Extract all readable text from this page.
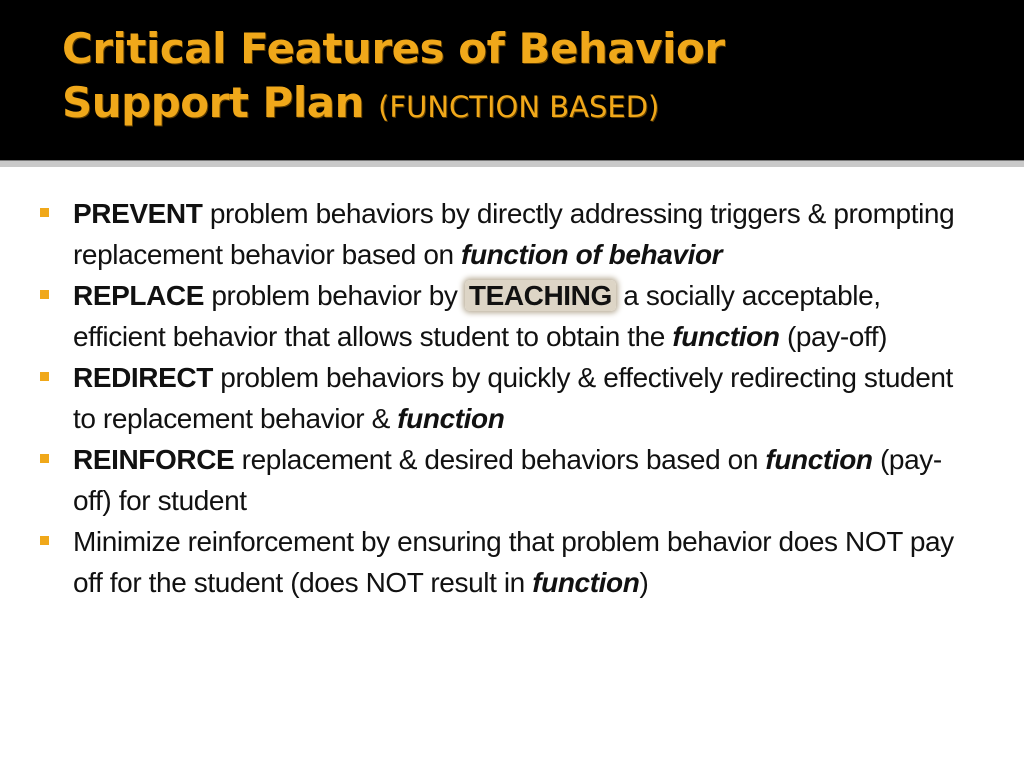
Critical Features of Behavior
Support Plan (FUNCTION BASED)
PREVENT problem behaviors by directly addressing triggers & prompting replacement behavior based on function of behavior
REPLACE problem behavior by TEACHING a socially acceptable, efficient behavior that allows student to obtain the function (pay-off)
REDIRECT problem behaviors by quickly & effectively redirecting student to replacement behavior & function
REINFORCE replacement & desired behaviors based on function (pay-off) for student
Minimize reinforcement by ensuring that problem behavior does NOT pay off for the student (does NOT result in function)
